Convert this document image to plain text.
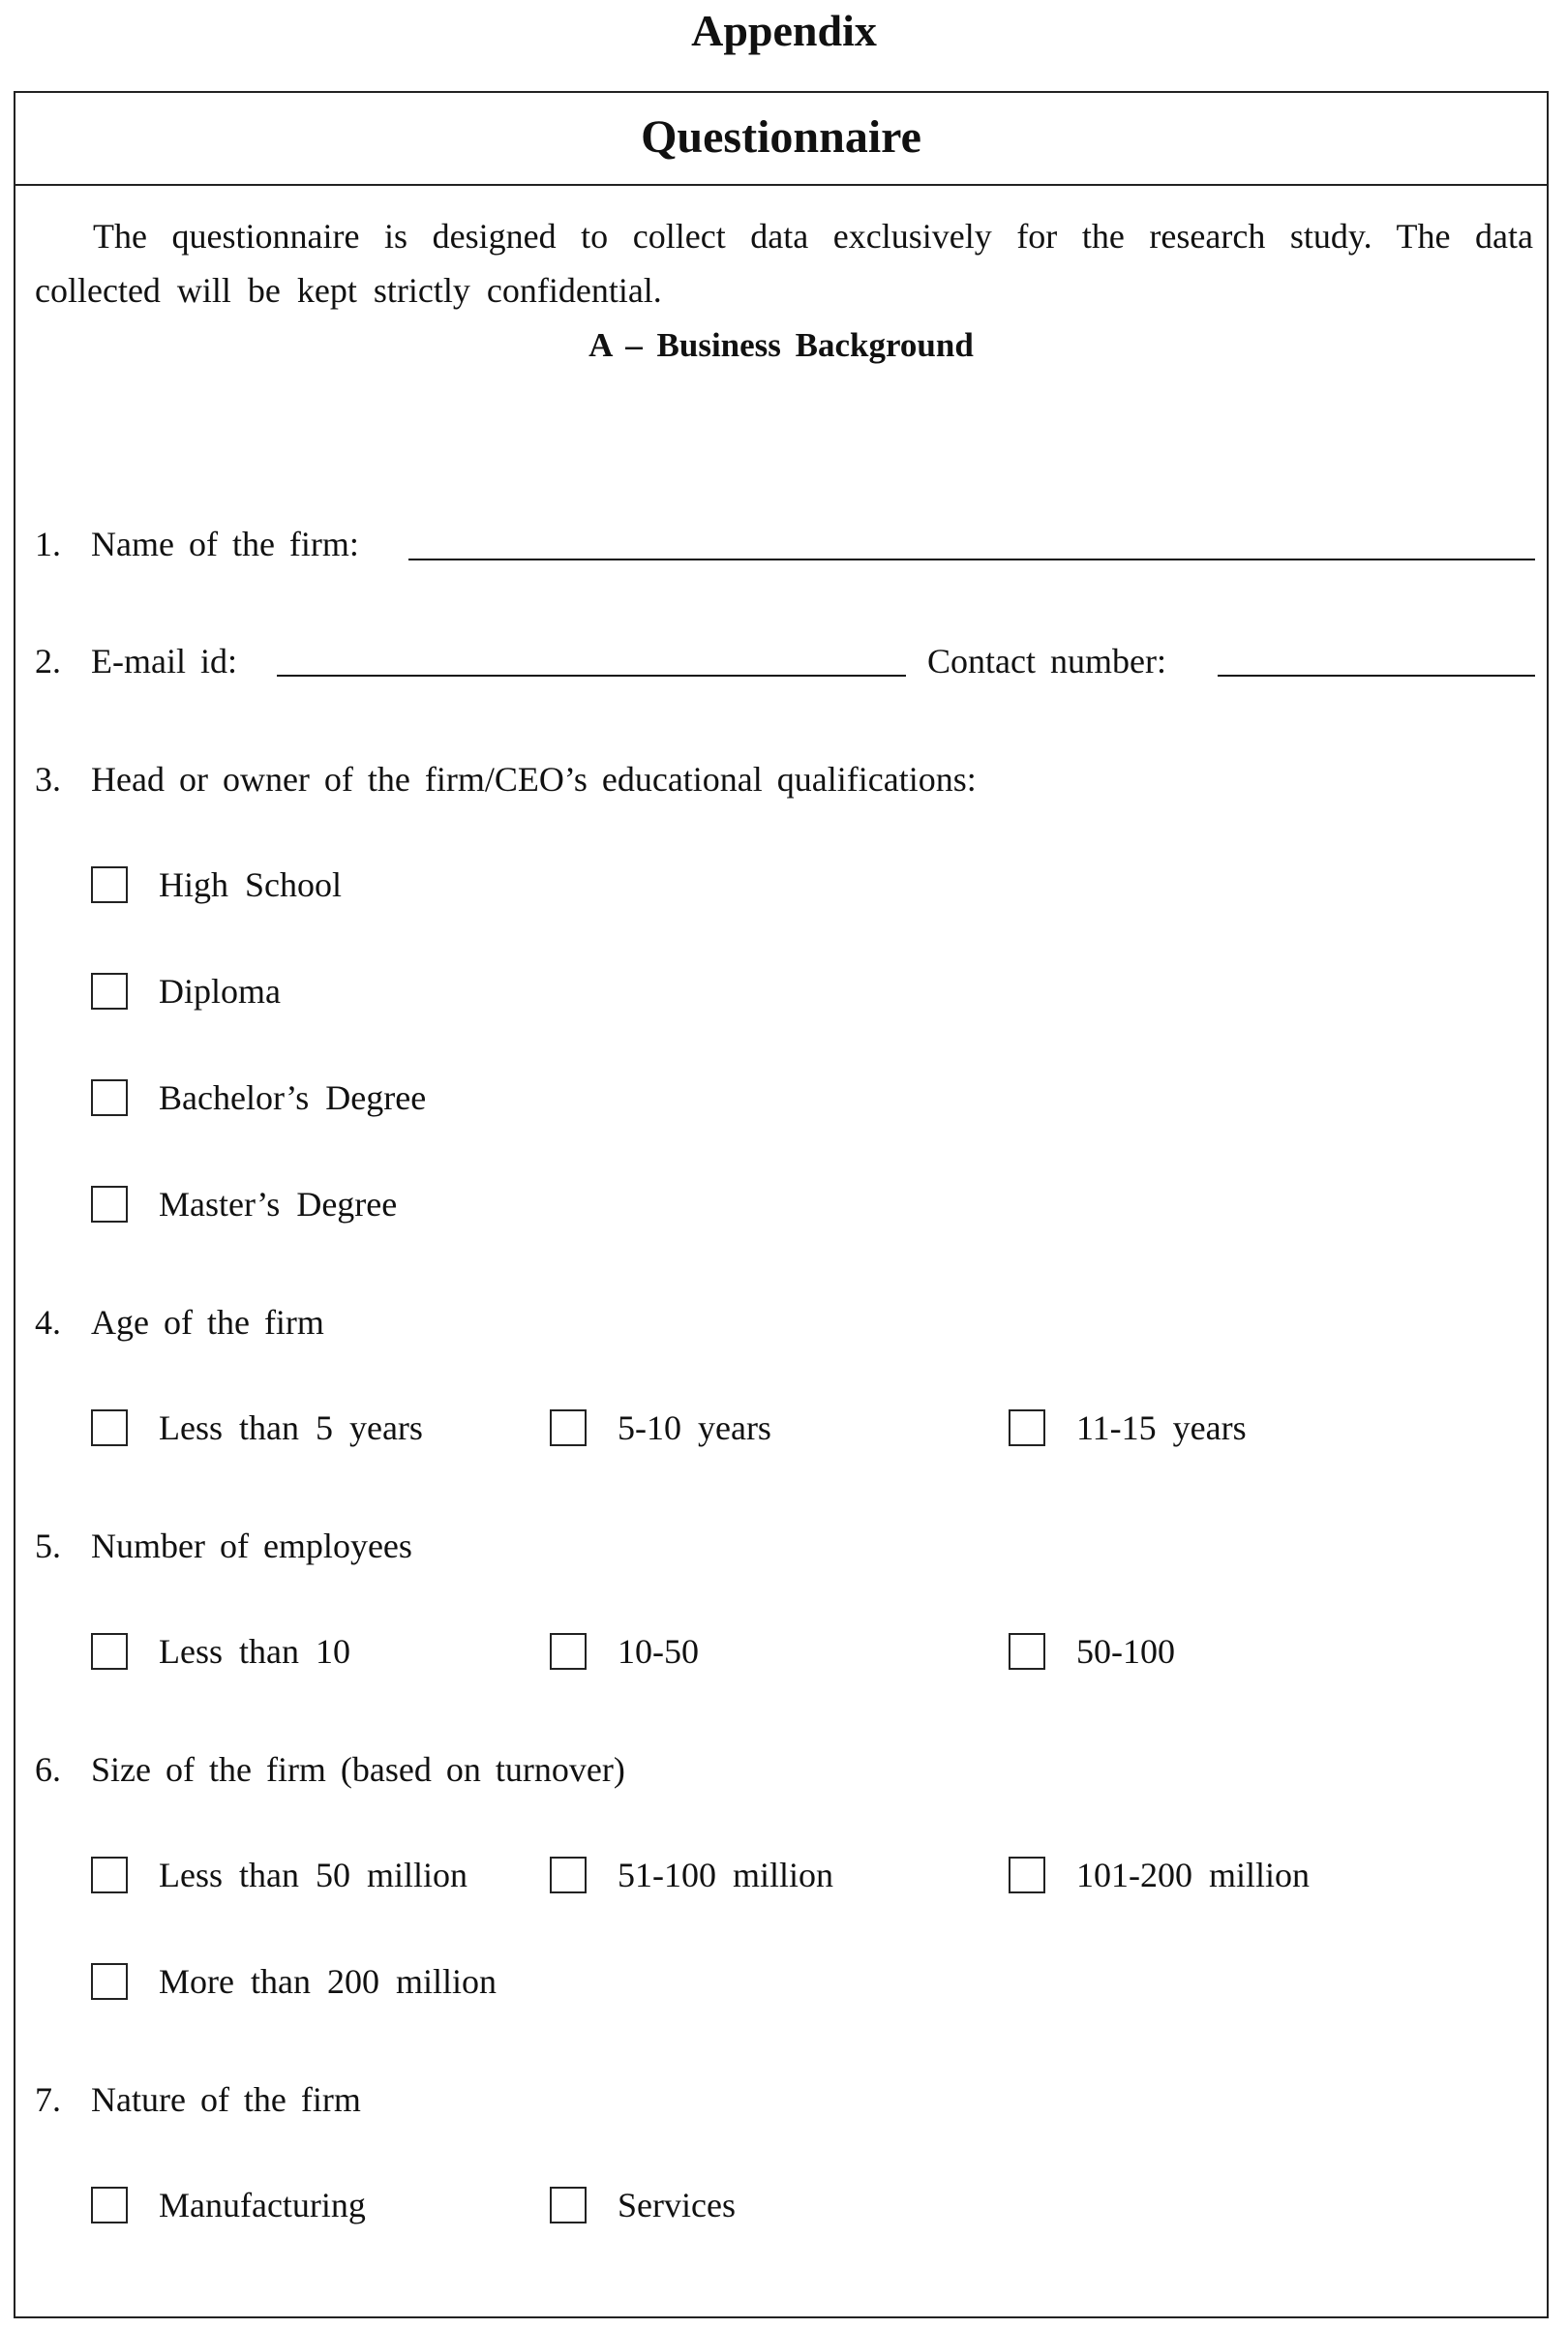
Appendix
Questionnaire
The questionnaire is designed to collect data exclusively for the research study. The data collected will be kept strictly confidential.
A – Business Background
1. Name of the firm:
2. E-mail id:	Contact number:
3. Head or owner of the firm/CEO’s educational qualifications:
High School
Diploma
Bachelor’s Degree
Master’s Degree
4. Age of the firm
Less than 5 years	5-10 years	11-15 years
5. Number of employees
Less than 10	10-50	50-100
6. Size of the firm (based on turnover)
Less than 50 million	51-100 million	101-200 million
More than 200 million
7. Nature of the firm
Manufacturing	Services
